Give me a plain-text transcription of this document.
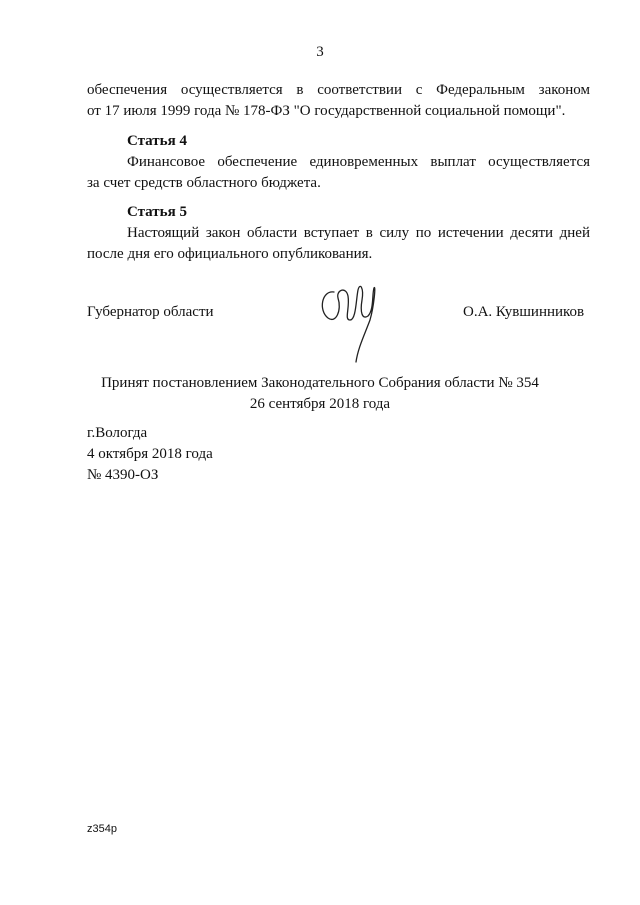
3
обеспечения осуществляется в соответствии с Федеральным законом
от 17 июля 1999 года № 178-ФЗ "О государственной социальной помощи".
Статья 4
Финансовое обеспечение единовременных выплат осуществляется
за счет средств областного бюджета.
Статья 5
Настоящий закон области вступает в силу по истечении десяти дней
после дня его официального опубликования.
Губернатор области	О.А. Кувшинников
Принят постановлением Законодательного Собрания области № 354
26 сентября 2018 года
г.Вологда
4 октября 2018 года
№ 4390-ОЗ
z354p
